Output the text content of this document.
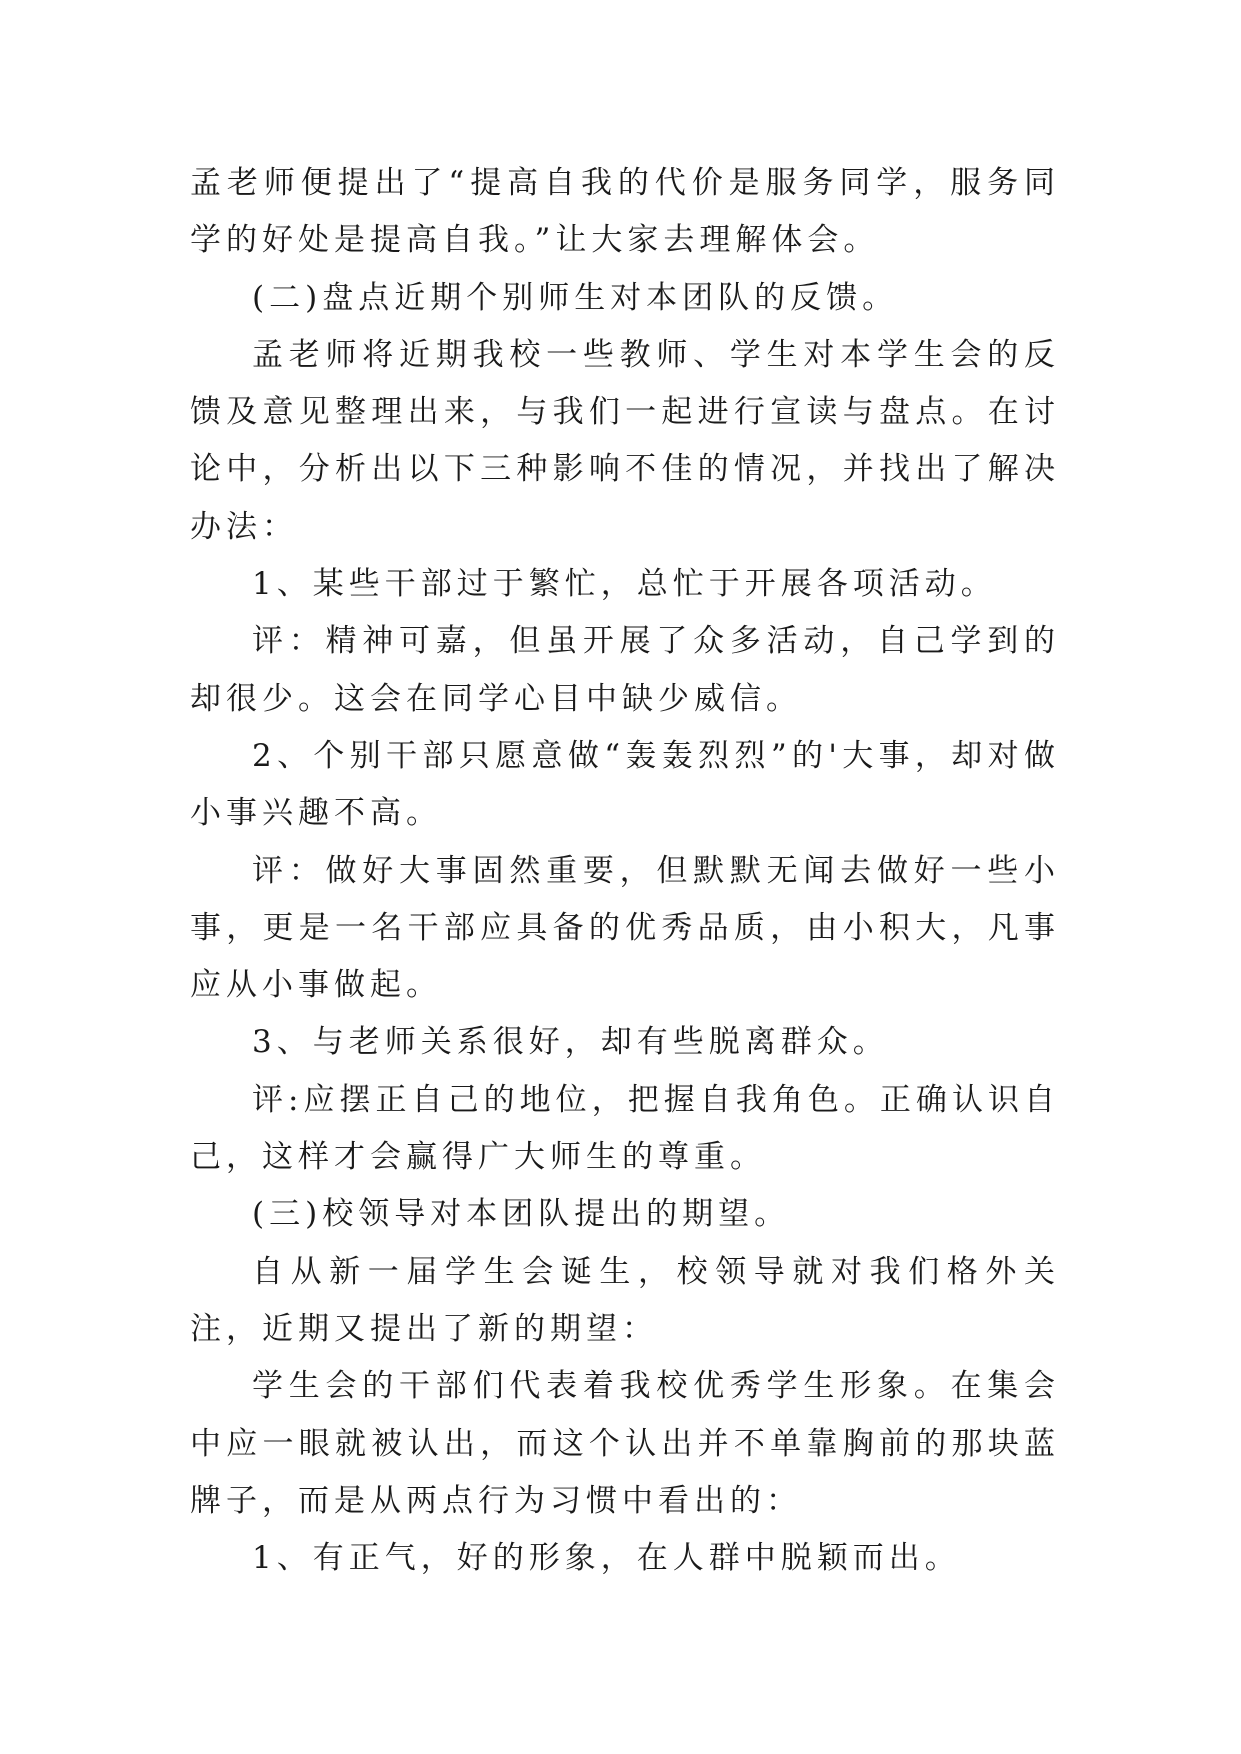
孟老师便提出了“提高自我的代价是服务同学，服务同学的好处是提高自我。”让大家去理解体会。

(二)盘点近期个别师生对本团队的反馈。

孟老师将近期我校一些教师、学生对本学生会的反馈及意见整理出来，与我们一起进行宣读与盘点。在讨论中，分析出以下三种影响不佳的情况，并找出了解决办法：

1、某些干部过于繁忙，总忙于开展各项活动。

评：精神可嘉，但虽开展了众多活动，自己学到的却很少。这会在同学心目中缺少威信。

2、个别干部只愿意做“轰轰烈烈”的'大事，却对做小事兴趣不高。

评：做好大事固然重要，但默默无闻去做好一些小事，更是一名干部应具备的优秀品质，由小积大，凡事应从小事做起。

3、与老师关系很好，却有些脱离群众。

评:应摆正自己的地位，把握自我角色。正确认识自己，这样才会赢得广大师生的尊重。

(三)校领导对本团队提出的期望。

自从新一届学生会诞生，校领导就对我们格外关注，近期又提出了新的期望：

学生会的干部们代表着我校优秀学生形象。在集会中应一眼就被认出，而这个认出并不单靠胸前的那块蓝牌子，而是从两点行为习惯中看出的：

1、有正气，好的形象，在人群中脱颖而出。
